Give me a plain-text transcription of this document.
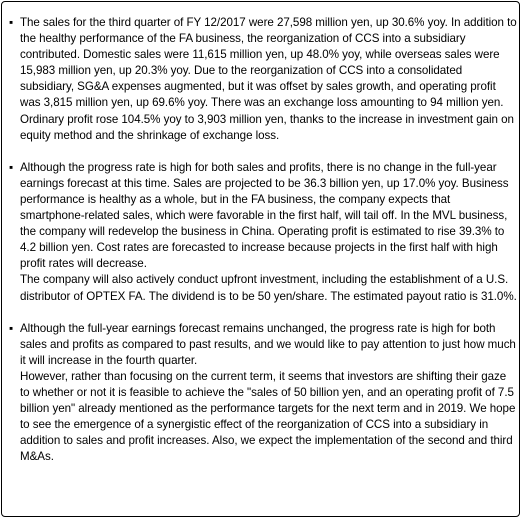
▪ The sales for the third quarter of FY 12/2017 were 27,598 million yen, up 30.6% yoy. In addition to the healthy performance of the FA business, the reorganization of CCS into a subsidiary contributed. Domestic sales were 11,615 million yen, up 48.0% yoy, while overseas sales were 15,983 million yen, up 20.3% yoy. Due to the reorganization of CCS into a consolidated subsidiary, SG&A expenses augmented, but it was offset by sales growth, and operating profit was 3,815 million yen, up 69.6% yoy. There was an exchange loss amounting to 94 million yen. Ordinary profit rose 104.5% yoy to 3,903 million yen, thanks to the increase in investment gain on equity method and the shrinkage of exchange loss.

▪ Although the progress rate is high for both sales and profits, there is no change in the full-year earnings forecast at this time. Sales are projected to be 36.3 billion yen, up 17.0% yoy. Business performance is healthy as a whole, but in the FA business, the company expects that smartphone-related sales, which were favorable in the first half, will tail off. In the MVL business, the company will redevelop the business in China. Operating profit is estimated to rise 39.3% to 4.2 billion yen. Cost rates are forecasted to increase because projects in the first half with high profit rates will decrease.

The company will also actively conduct upfront investment, including the establishment of a U.S. distributor of OPTEX FA. The dividend is to be 50 yen/share. The estimated payout ratio is 31.0%.

▪ Although the full-year earnings forecast remains unchanged, the progress rate is high for both sales and profits as compared to past results, and we would like to pay attention to just how much it will increase in the fourth quarter.

However, rather than focusing on the current term, it seems that investors are shifting their gaze to whether or not it is feasible to achieve the "sales of 50 billion yen, and an operating profit of 7.5 billion yen" already mentioned as the performance targets for the next term and in 2019. We hope to see the emergence of a synergistic effect of the reorganization of CCS into a subsidiary in addition to sales and profit increases. Also, we expect the implementation of the second and third M&As.
